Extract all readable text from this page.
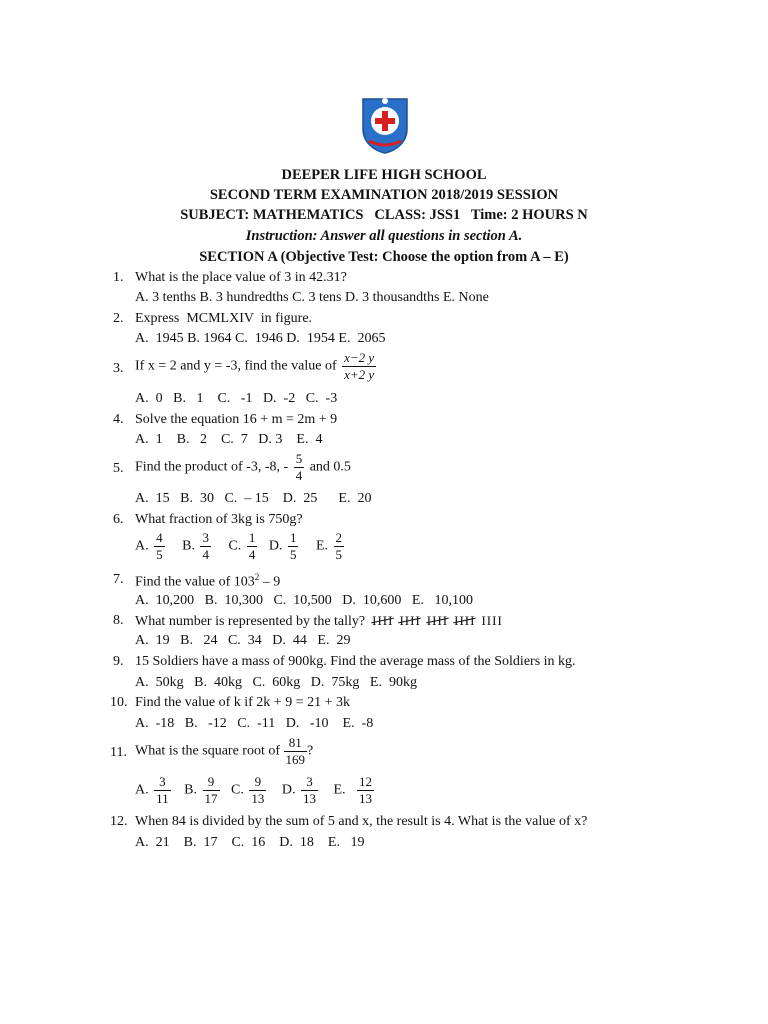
DEEPER LIFE HIGH SCHOOL
SECOND TERM EXAMINATION 2018/2019 SESSION
SUBJECT: MATHEMATICS   CLASS: JSS1   Time: 2 HOURS N
Instruction: Answer all questions in section A.
SECTION A (Objective Test: Choose the option from A – E)
1. What is the place value of 3 in 42.31?
A. 3 tenths B. 3 hundredths C. 3 tens D. 3 thousandths E. None
2. Express  MCMLXIV  in figure.
A.  1945 B. 1964 C.  1946 D.  1954 E.  2065
3. If x = 2 and y = -3, find the value of $\frac{x-2 y}{x+2 y}$
A.  0   B.   1    C.   -1   D.  -2   C.  -3
4. Solve the equation 16 + m = 2m + 9
A.  1    B.   2    C.  7   D. 3    E.  4
5. Find the product of -3, -8, - $\frac{5}{4}$ and 0.5
A.  15   B.  30   C.  – 15    D.  25      E.  20
6. What fraction of 3kg is 750g?
A. $\frac{4}{5} B$. $\frac{3}{4} C$. $\frac{1}{4} D$. $\frac{1}{5} E$. $\frac{2}{5}$
7. Find the value of $103^2 - 9$
A.  10,200   B.  10,300   C.  10,500   D.  10,600   E.   10,100
8. What number is represented by the tally? IIII IIII IIII IIII IIII
A.  19   B.   24   C.  34   D.  44   E.  29
9. 15 Soldiers have a mass of 900kg. Find the average mass of the Soldiers in kg.
A.  50kg   B.  40kg   C.  60kg   D.  75kg   E.  90kg
10. Find the value of k if 2k + 9 = 21 + 3k
A.  -18   B.   -12   C.  -11   D.   -10    E.  -8
11. What is the square root of $\frac{81}{169}$ ?
A. $\frac{3}{11} B$. $\frac{9}{17} C$. $\frac{9}{13} D$. $\frac{3}{13} E$. $\frac{12}{13}$
12. When 84 is divided by the sum of 5 and x, the result is 4. What is the value of x?
A.  21    B.  17    C.  16    D.  18    E.   19
